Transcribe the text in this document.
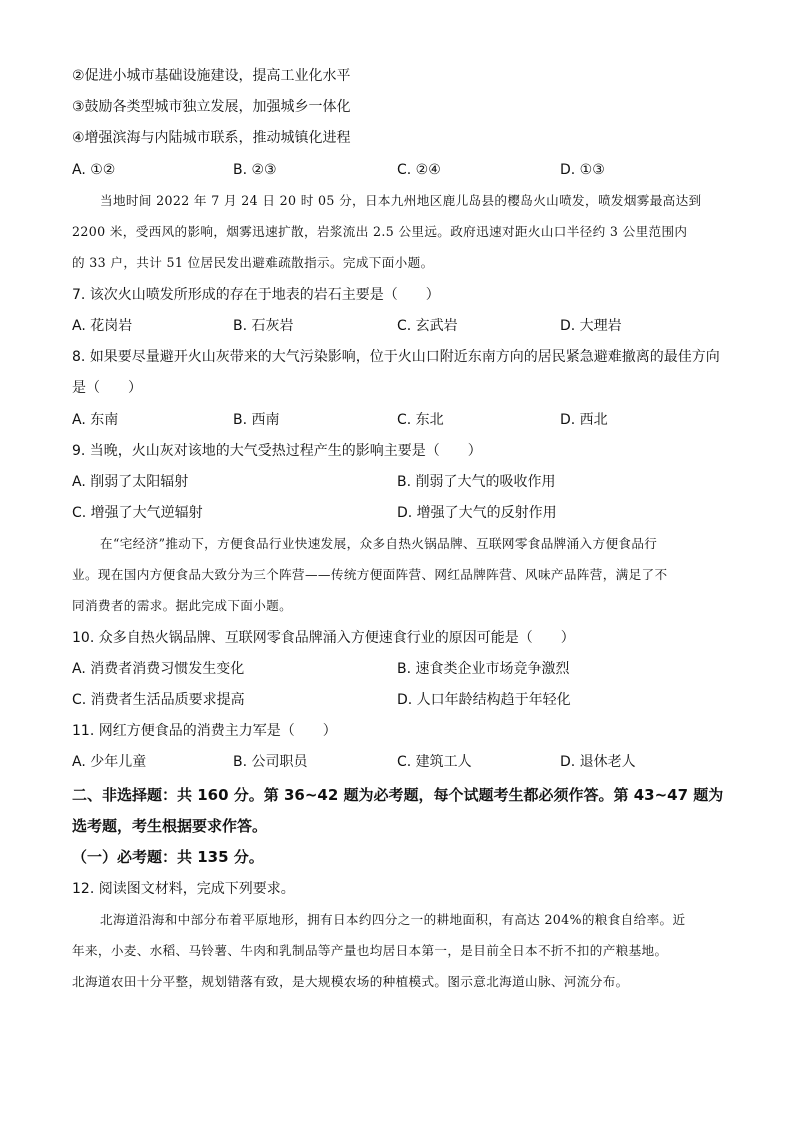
②促进小城市基础设施建设，提高工业化水平
③鼓励各类型城市独立发展，加强城乡一体化
④增强滨海与内陆城市联系，推动城镇化进程
A. ①②	B. ②③	C. ②④	D. ①③
当地时间 2022 年 7 月 24 日 20 时 05 分，日本九州地区鹿儿岛县的樱岛火山喷发，喷发烟雾最高达到
2200 米，受西风的影响，烟雾迅速扩散，岩浆流出 2.5 公里远。政府迅速对距火山口半径约 3 公里范围内
的 33 户，共计 51 位居民发出避难疏散指示。完成下面小题。
7. 该次火山喷发所形成的存在于地表的岩石主要是（　　）
A. 花岗岩	B. 石灰岩	C. 玄武岩	D. 大理岩
8. 如果要尽量避开火山灰带来的大气污染影响，位于火山口附近东南方向的居民紧急避难撤离的最佳方向
是（　　）
A. 东南	B. 西南	C. 东北	D. 西北
9. 当晚，火山灰对该地的大气受热过程产生的影响主要是（　　）
A. 削弱了太阳辐射	B. 削弱了大气的吸收作用
C. 增强了大气逆辐射	D. 增强了大气的反射作用
在“宅经济”推动下，方便食品行业快速发展，众多自热火锅品牌、互联网零食品牌涌入方便食品行
业。现在国内方便食品大致分为三个阵营——传统方便面阵营、网红品牌阵营、风味产品阵营，满足了不
同消费者的需求。据此完成下面小题。
10. 众多自热火锅品牌、互联网零食品牌涌入方便速食行业的原因可能是（　　）
A. 消费者消费习惯发生变化	B. 速食类企业市场竞争激烈
C. 消费者生活品质要求提高	D. 人口年龄结构趋于年轻化
11. 网红方便食品的消费主力军是（　　）
A. 少年儿童	B. 公司职员	C. 建筑工人	D. 退休老人
二、非选择题：共 160 分。第 36~42 题为必考题，每个试题考生都必须作答。第 43~47 题为
选考题，考生根据要求作答。
（一）必考题：共 135 分。
12. 阅读图文材料，完成下列要求。
北海道沿海和中部分布着平原地形，拥有日本约四分之一的耕地面积，有高达 204%的粮食自给率。近
年来，小麦、水稻、马铃薯、牛肉和乳制品等产量也均居日本第一，是目前全日本不折不扣的产粮基地。
北海道农田十分平整，规划错落有致，是大规模农场的种植模式。图示意北海道山脉、河流分布。
